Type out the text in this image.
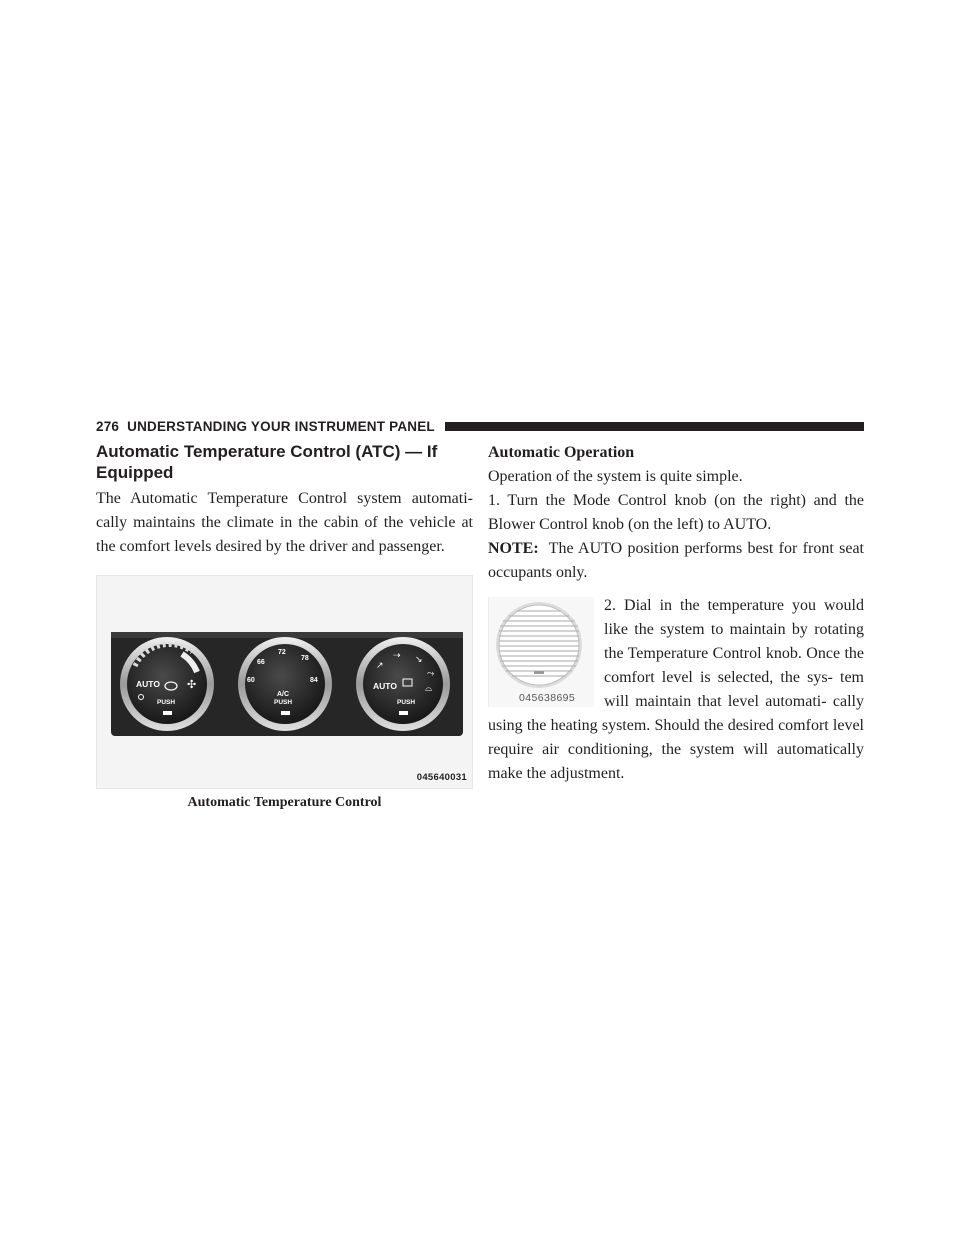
276 UNDERSTANDING YOUR INSTRUMENT PANEL
Automatic Temperature Control (ATC) — If Equipped

The Automatic Temperature Control system automati- cally maintains the climate in the cabin of the vehicle at the comfort levels desired by the driver and passenger.

✣
AUTO
PUSH
72
66
60
78
84
A/C
PUSH
↗
⇢ ↘
⤳
AUTO	⌓
PUSH
045640031
Automatic Temperature Control
Automatic Operation

Operation of the system is quite simple.

1. Turn the Mode Control knob (on the right) and the Blower Control knob (on the left) to AUTO.

NOTE: The AUTO position performs best for front seat occupants only.

045638695

2. Dial in the temperature you would like the system to maintain by rotating the Temperature Control knob. Once the comfort level is selected, the sys- tem will maintain that level automati- cally using the heating system. Should the desired comfort level require air conditioning, the system will automatically make the adjustment.
